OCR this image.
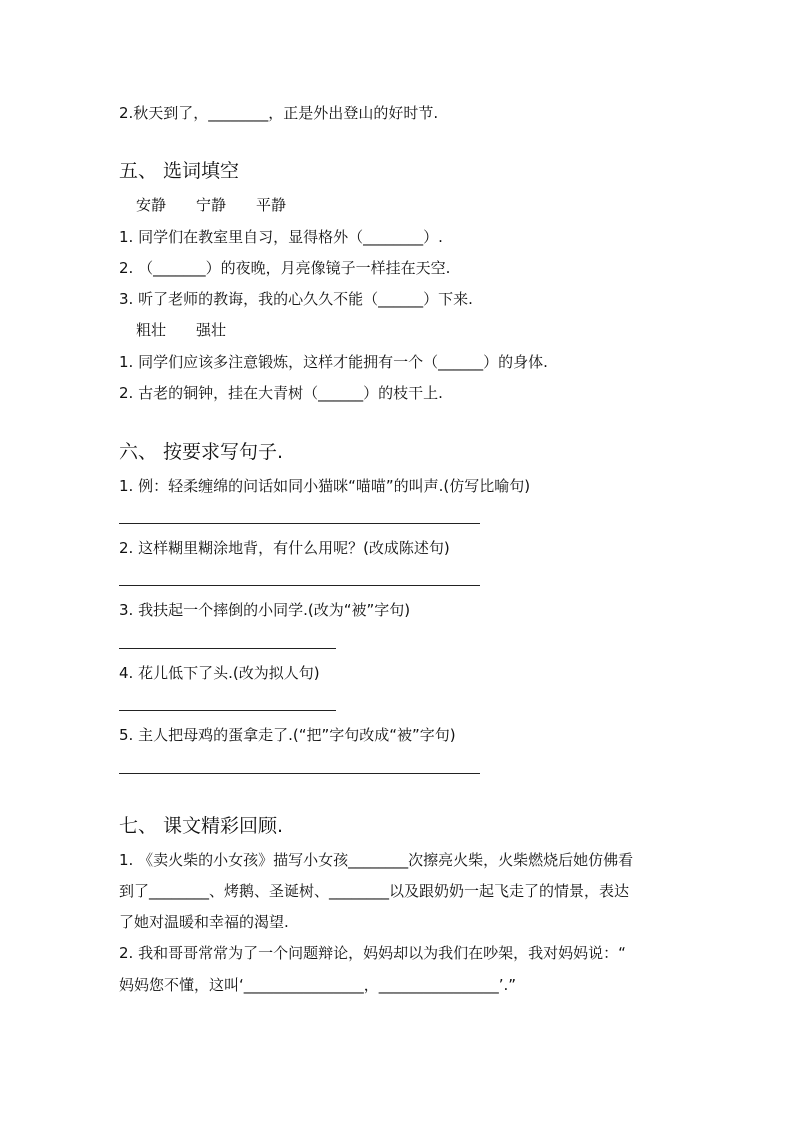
2.秋天到了，________，正是外出登山的好时节.
五、 选词填空
安静 宁静 平静
1. 同学们在教室里自习，显得格外（________）.
2. （_______）的夜晚，月亮像镜子一样挂在天空.
3. 听了老师的教诲，我的心久久不能（______）下来.
粗壮 强壮
1. 同学们应该多注意锻炼，这样才能拥有一个（______）的身体.
2. 古老的铜钟，挂在大青树（______）的枝干上.
六、 按要求写句子.
1. 例：轻柔缠绵的问话如同小猫咪“喵喵”的叫声.(仿写比喻句)
2. 这样糊里糊涂地背，有什么用呢？(改成陈述句)
3. 我扶起一个摔倒的小同学.(改为“被”字句)
4. 花儿低下了头.(改为拟人句)
5. 主人把母鸡的蛋拿走了.(“把”字句改成“被”字句)
七、 课文精彩回顾.
1. 《卖火柴的小女孩》描写小女孩________次擦亮火柴，火柴燃烧后她仿佛看
到了________、烤鹅、圣诞树、________以及跟奶奶一起飞走了的情景，表达
了她对温暖和幸福的渴望.
2. 我和哥哥常常为了一个问题辩论，妈妈却以为我们在吵架，我对妈妈说：“
妈妈您不懂，这叫‘________________，________________’.”
